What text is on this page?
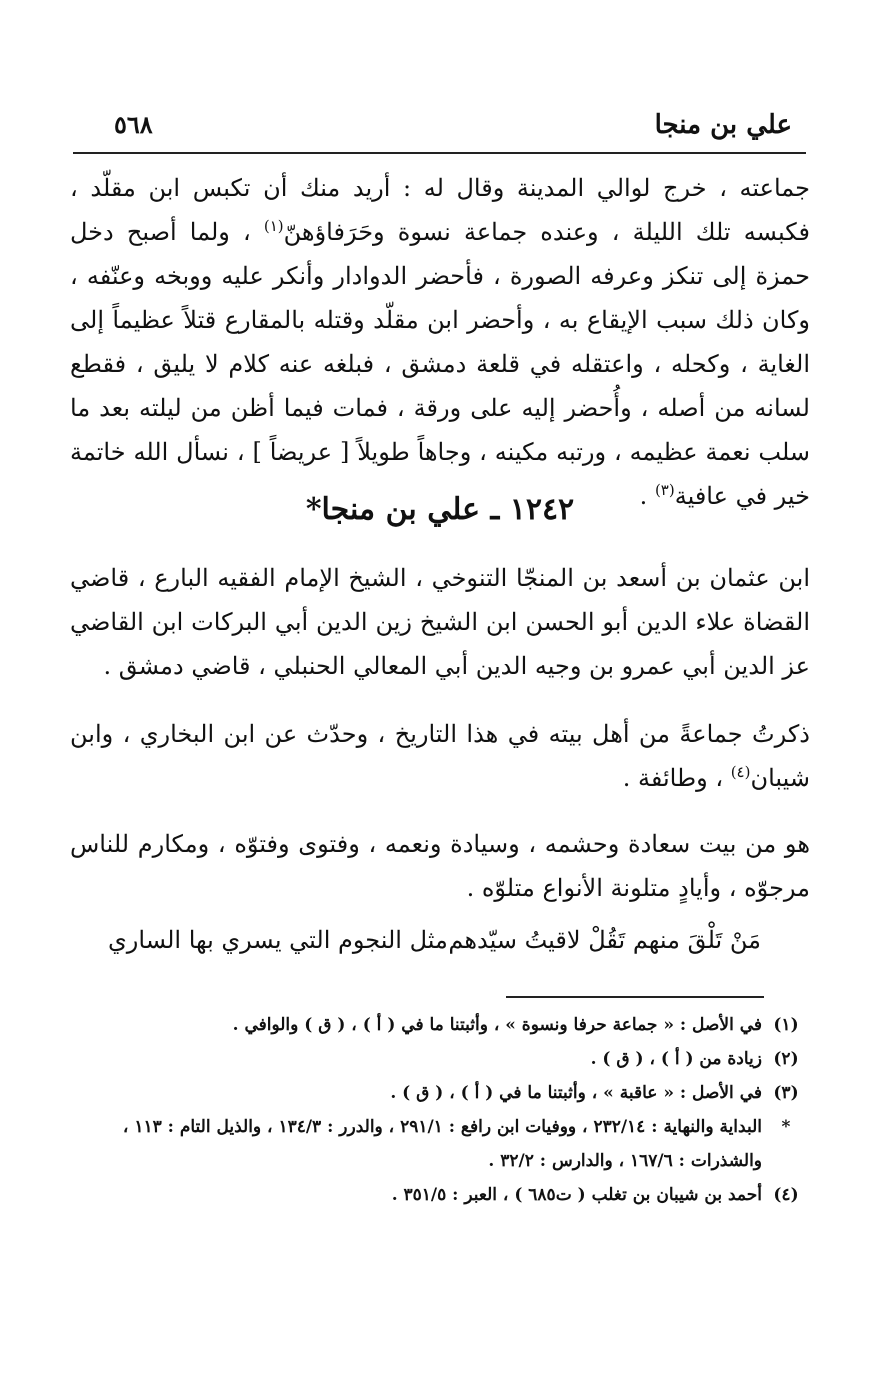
علي بن منجا
٥٦٨

جماعته ، خرج لوالي المدينة وقال له : أريد منك أن تكبس ابن مقلّد ، فكبسه تلك الليلة ، وعنده جماعة نسوة وحَرَفاؤهنّ$^{(١)}$ ، ولما أصبح دخل حمزة إلى تنكز وعرفه الصورة ، فأحضر الدوادار وأنكر عليه ووبخه وعنّفه ، وكان ذلك سبب الإيقاع به ، وأحضر ابن مقلّد وقتله بالمقارع قتلاً عظيماً إلى الغاية ، وكحله ، واعتقله في قلعة دمشق ، فبلغه عنه كلام لا يليق ، فقطع لسانه من أصله ، وأُحضر إليه على ورقة ، فمات فيما أظن من ليلته بعد ما سلب نعمة عظيمه ، ورتبه مكينه ، وجاهاً طويلاً [ عريضاً ] ، نسأل الله خاتمة خير في عافية$^{(٣)}$ .

١٢٤٢ ـ علي بن منجا*

ابن عثمان بن أسعد بن المنجّا التنوخي ، الشيخ الإمام الفقيه البارع ، قاضي القضاة علاء الدين أبو الحسن ابن الشيخ زين الدين أبي البركات ابن القاضي عز الدين أبي عمرو بن وجيه الدين أبي المعالي الحنبلي ، قاضي دمشق .

ذكرتُ جماعةً من أهل بيته في هذا التاريخ ، وحدّث عن ابن البخاري ، وابن شيبان$^{(٤)}$ ، وطائفة .

هو من بيت سعادة وحشمه ، وسيادة ونعمه ، وفتوى وفتوّه ، ومكارم للناس مرجوّه ، وأيادٍ متلونة الأنواع متلوّه .

مَنْ تَلْقَ منهم تَقُلْ لاقيتُ سيّدهم
مثل النجوم التي يسري بها الساري
(١)
في الأصل : « جماعة حرفا ونسوة » ، وأثبتنا ما في ( أ ) ، ( ق ) والوافي .
(٢)
زيادة من ( أ ) ، ( ق ) .
(٣)
في الأصل : « عاقبة » ، وأثبتنا ما في ( أ ) ، ( ق ) .
*
البداية والنهاية : ٢٣٢/١٤ ، ووفيات ابن رافع : ٢٩١/١ ، والدرر : ١٣٤/٣ ، والذيل التام : ١١٣ ، والشذرات : ١٦٧/٦ ، والدارس : ٣٢/٢ .
(٤)
أحمد بن شيبان بن تغلب ( ت٦٨٥ ) ، العبر : ٣٥١/٥ .
